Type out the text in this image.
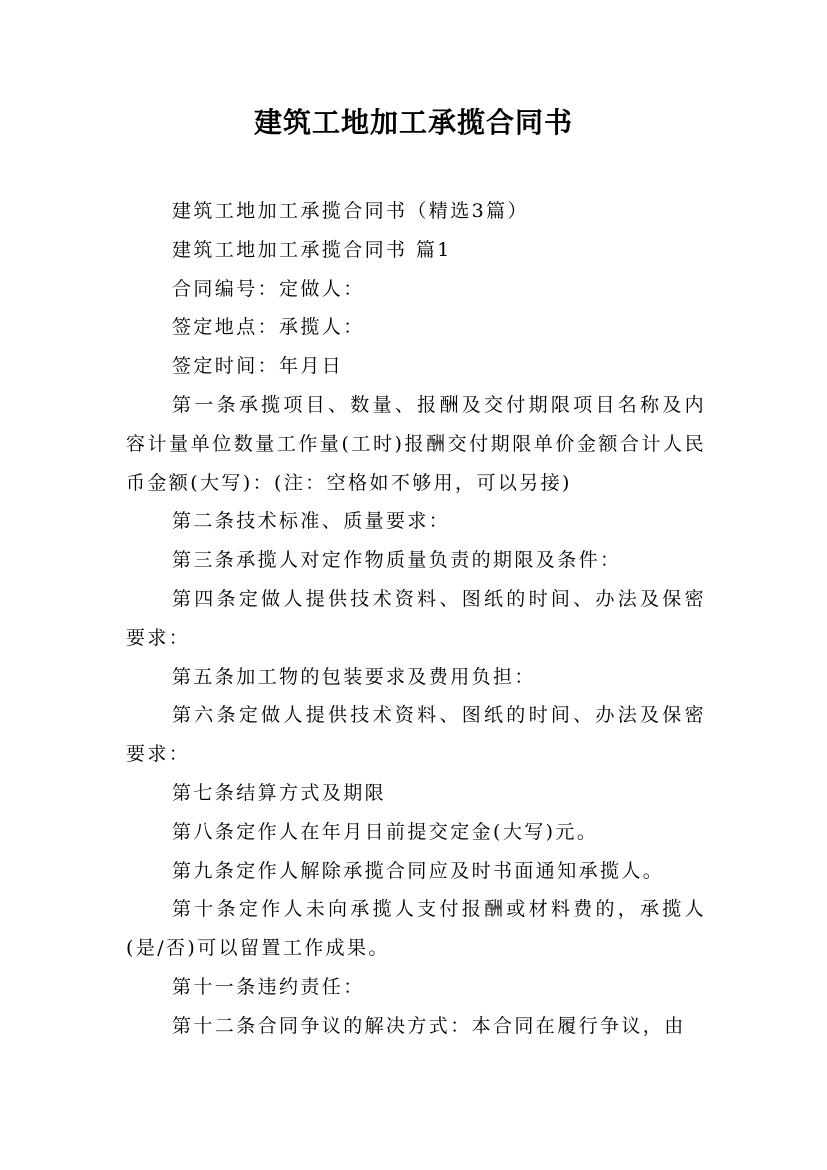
建筑工地加工承揽合同书

建筑工地加工承揽合同书（精选3篇）

建筑工地加工承揽合同书 篇1

合同编号：定做人：

签定地点：承揽人：

签定时间：年月日

第一条承揽项目、数量、报酬及交付期限项目名称及内容计量单位数量工作量(工时)报酬交付期限单价金额合计人民币金额(大写)：(注：空格如不够用，可以另接)

第二条技术标准、质量要求：

第三条承揽人对定作物质量负责的期限及条件：

第四条定做人提供技术资料、图纸的时间、办法及保密要求：

第五条加工物的包装要求及费用负担：

第六条定做人提供技术资料、图纸的时间、办法及保密要求：

第七条结算方式及期限

第八条定作人在年月日前提交定金(大写)元。

第九条定作人解除承揽合同应及时书面通知承揽人。

第十条定作人未向承揽人支付报酬或材料费的，承揽人(是/否)可以留置工作成果。

第十一条违约责任：

第十二条合同争议的解决方式：本合同在履行争议，由
